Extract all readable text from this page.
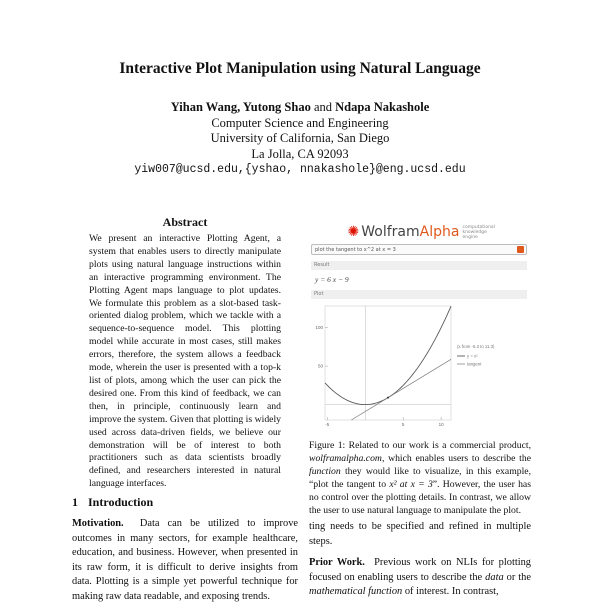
Interactive Plot Manipulation using Natural Language
Yihan Wang, Yutong Shao and Ndapa Nakashole
Computer Science and Engineering
University of California, San Diego
La Jolla, CA 92093
yiw007@ucsd.edu,{yshao, nnakashole}@eng.ucsd.edu
Abstract
We present an interactive Plotting Agent, a system that enables users to directly manipulate plots using natural language instructions within an interactive programming environment. The Plotting Agent maps language to plot updates. We formulate this problem as a slot-based task-oriented dialog problem, which we tackle with a sequence-to-sequence model. This plotting model while accurate in most cases, still makes errors, therefore, the system allows a feedback mode, wherein the user is presented with a top-k list of plots, among which the user can pick the desired one. From this kind of feedback, we can then, in principle, continuously learn and improve the system. Given that plotting is widely used across data-driven fields, we believe our demonstration will be of interest to both practitioners such as data scientists broadly defined, and researchers interested in natural language interfaces.
1 Introduction
Motivation. Data can be utilized to improve outcomes in many sectors, for example healthcare, education, and business. However, when presented in its raw form, it is difficult to derive insights from data. Plotting is a simple yet powerful technique for making raw data readable, and exposing trends.
✺ WolframAlpha computational knowledge engine
plot the tangent to x^2 at x = 3
Result
y = 6 x − 9
Plot
100
50
-5	5	10
(x from -5.3 to 11.3)
y = x²
tangent
Figure 1: Related to our work is a commercial product, wolframalpha.com, which enables users to describe the function they would like to visualize, in this example, “plot the tangent to x² at x = 3”. However, the user has no control over the plotting details. In contrast, we allow the user to use natural language to manipulate the plot.
ting needs to be specified and refined in multiple steps.
Prior Work. Previous work on NLIs for plotting focused on enabling users to describe the data or the mathematical function of interest. In contrast,
